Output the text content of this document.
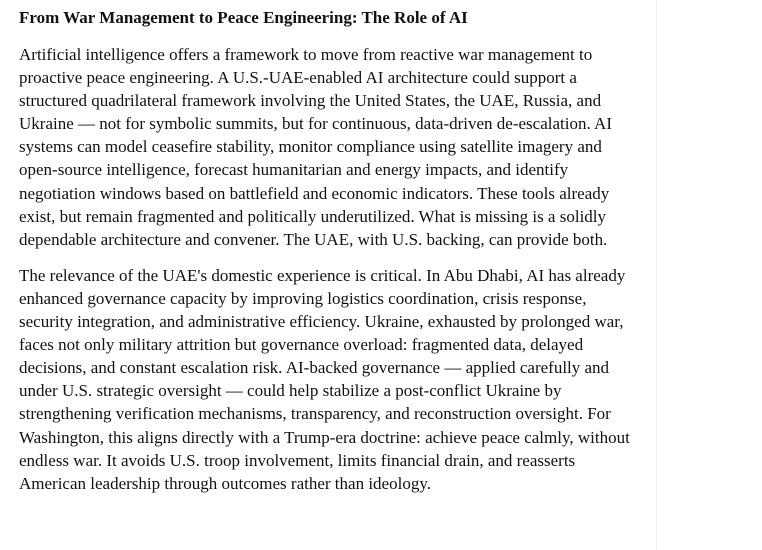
From War Management to Peace Engineering: The Role of AI

Artificial intelligence offers a framework to move from reactive war management to proactive peace engineering. A U.S.-UAE-enabled AI architecture could support a structured quadrilateral framework involving the United States, the UAE, Russia, and Ukraine — not for symbolic summits, but for continuous, data-driven de-escalation. AI systems can model ceasefire stability, monitor compliance using satellite imagery and open-source intelligence, forecast humanitarian and energy impacts, and identify negotiation windows based on battlefield and economic indicators. These tools already exist, but remain fragmented and politically underutilized. What is missing is a solidly dependable architecture and convener. The UAE, with U.S. backing, can provide both.

The relevance of the UAE's domestic experience is critical. In Abu Dhabi, AI has already enhanced governance capacity by improving logistics coordination, crisis response, security integration, and administrative efficiency. Ukraine, exhausted by prolonged war, faces not only military attrition but governance overload: fragmented data, delayed decisions, and constant escalation risk. AI-backed governance — applied carefully and under U.S. strategic oversight — could help stabilize a post-conflict Ukraine by strengthening verification mechanisms, transparency, and reconstruction oversight. For Washington, this aligns directly with a Trump-era doctrine: achieve peace calmly, without endless war. It avoids U.S. troop involvement, limits financial drain, and reasserts American leadership through outcomes rather than ideology.
